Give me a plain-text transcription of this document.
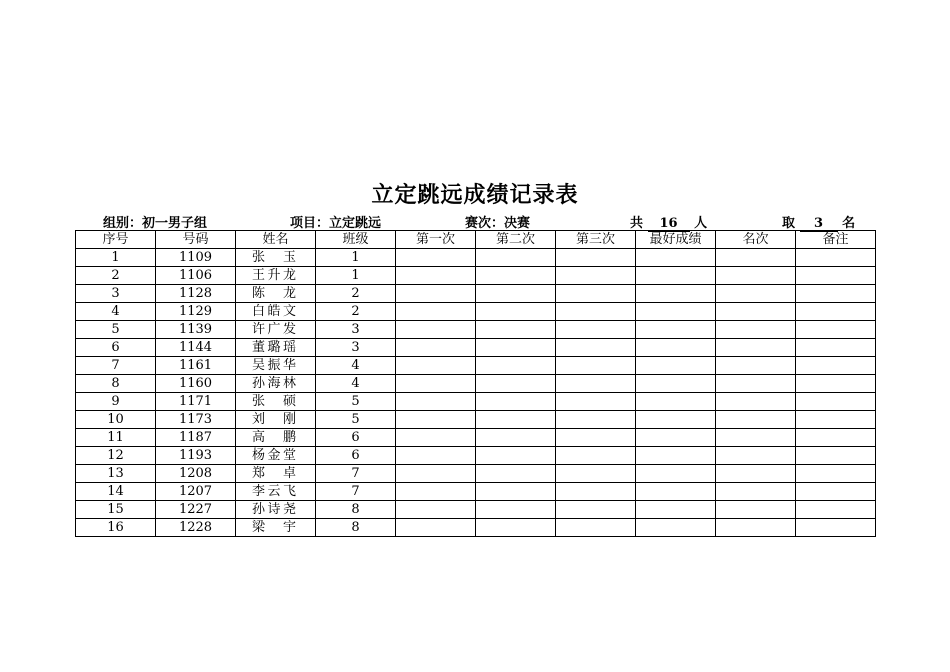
立定跳远成绩记录表
组别：初一男子组	项目：立定跳远	赛次：决赛	共 16 人	取 3 名
序号	号码	姓名	班级	第一次	第二次	第三次	最好成绩	名次	备注
1	1109	张 玉	1						
2	1106	王升龙	1						
3	1128	陈 龙	2						
4	1129	白皓文	2						
5	1139	许广发	3						
6	1144	董璐瑶	3						
7	1161	吴振华	4						
8	1160	孙海林	4						
9	1171	张 硕	5						
10	1173	刘 刚	5						
11	1187	高 鹏	6						
12	1193	杨金堂	6						
13	1208	郑 卓	7						
14	1207	李云飞	7						
15	1227	孙诗尧	8						
16	1228	梁 宇	8						
